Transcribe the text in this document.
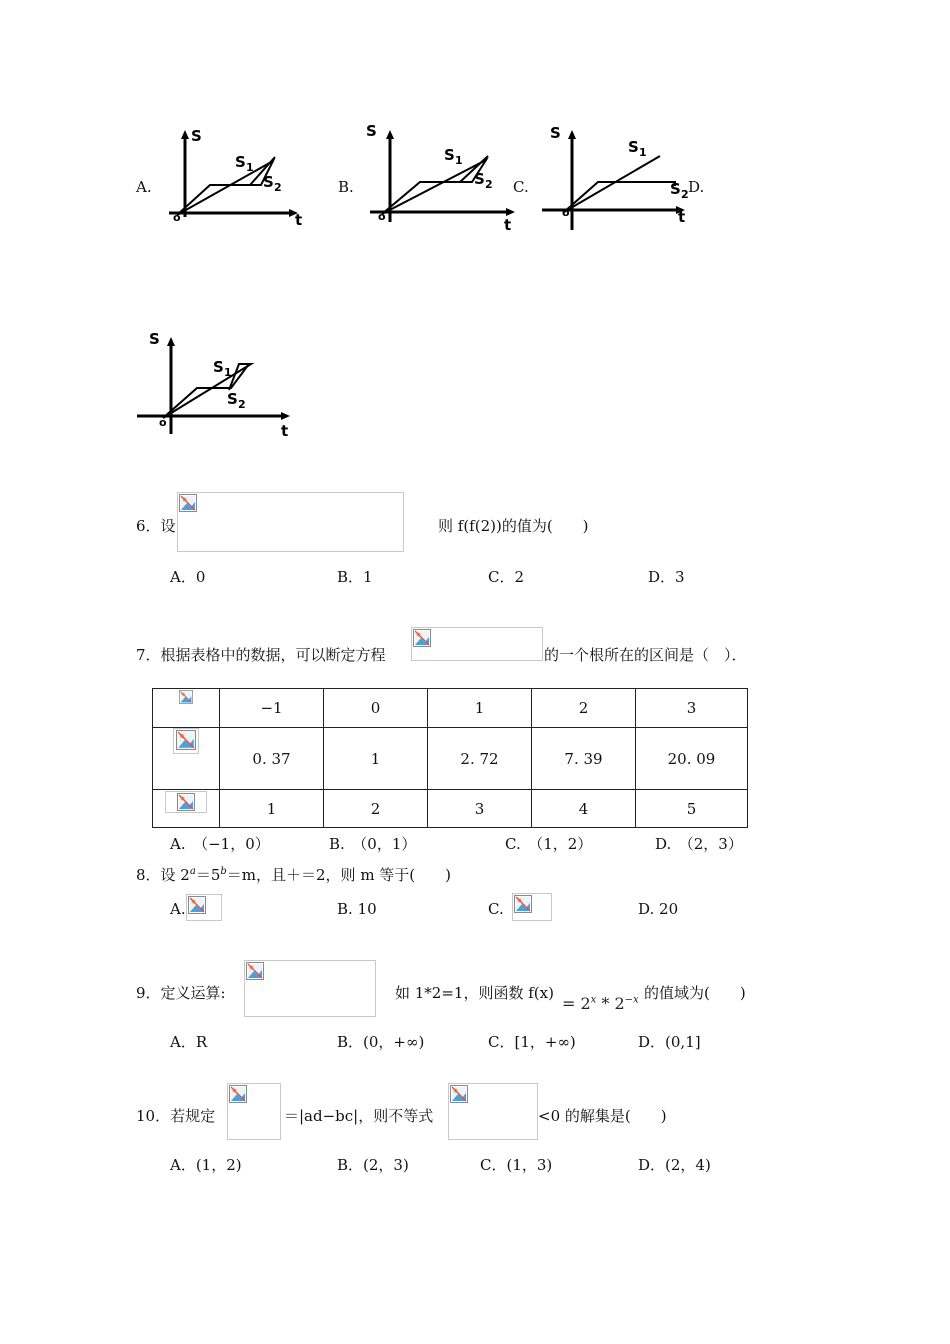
A.
S
t
o
S 1
S 2	B.
S
t
o
S 1
S 2 C.
S
t
o
S 1
S 2 D.
S
t
o
S 1
S 2
6．设	则 f(f(2))的值为(　　)
A．0	B．1	C．2	D．3
7．根据表格中的数据，可以断定方程	的一个根所在的区间是（　）．
	−1	0	1	2	3

	0. 37	1	2. 72	7. 39	20. 09

	1	2	3	4	5
A.　（−1，0）	B.　（0，1）	C.　（1，2）	D.　（2，3）
8．设 $2^a=5^b=m$，且＋＝2，则 m 等于(　　)
A.	B. 10	C.	D. 20
9．定义运算:	如 1*2=1，则函数 f(x)
= $2^x * 2^{-x}$ 的值域为(　　)
A．R	B．(0，+∞)	C．[1，+∞)	D．(0,1]
10．若规定	＝|ad−bc|，则不等式	<0 的解集是(　　)
A．(1，2)	B．(2，3)	C．(1，3)	D．(2，4)
